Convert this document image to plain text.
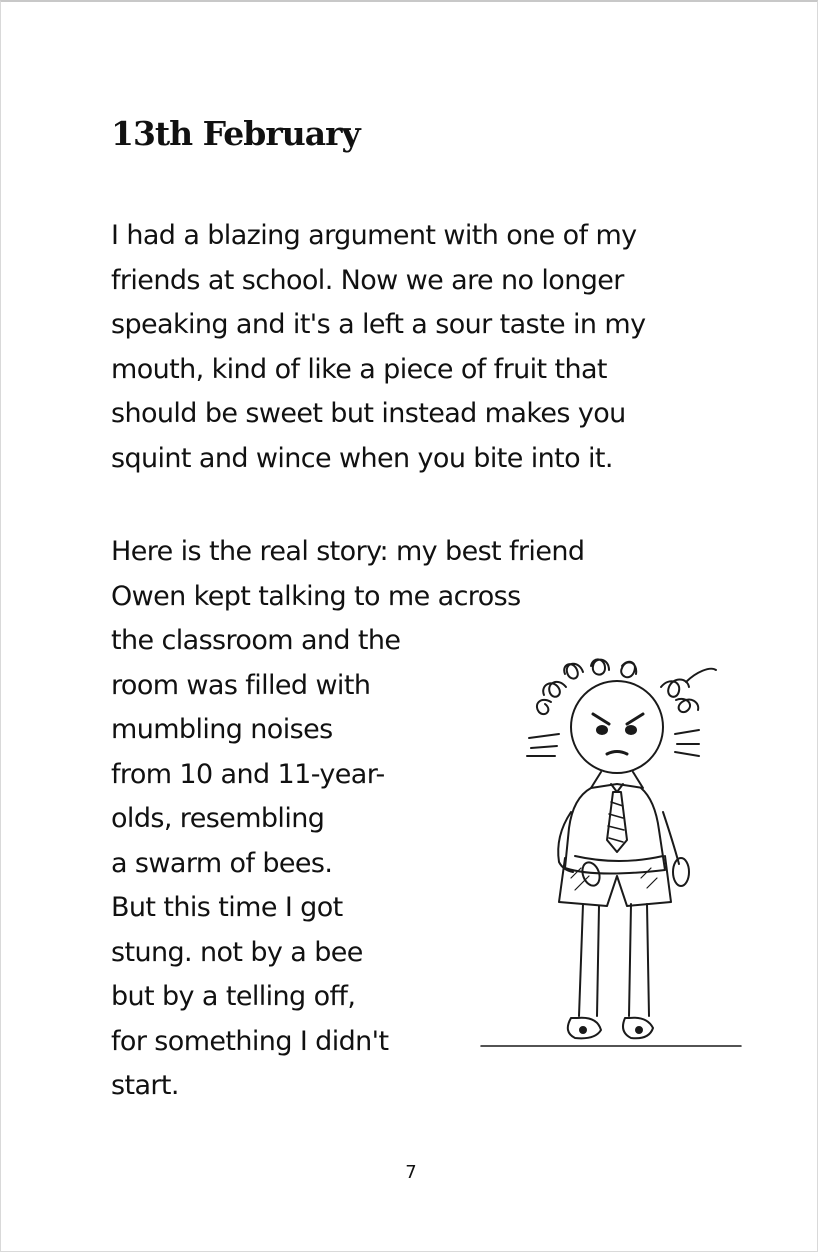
13th February

I had a blazing argument with one of my
friends at school. Now we are no longer
speaking and it's a left a sour taste in my
mouth, kind of like a piece of fruit that
should be sweet but instead makes you
squint and wince when you bite into it.

Here is the real story: my best friend
Owen kept talking to me across
the classroom and the
room was filled with
mumbling noises
from 10 and 11-year-
olds, resembling
a swarm of bees.
But this time I got
stung. not by a bee
but by a telling off,
for something I didn't
start.

7
